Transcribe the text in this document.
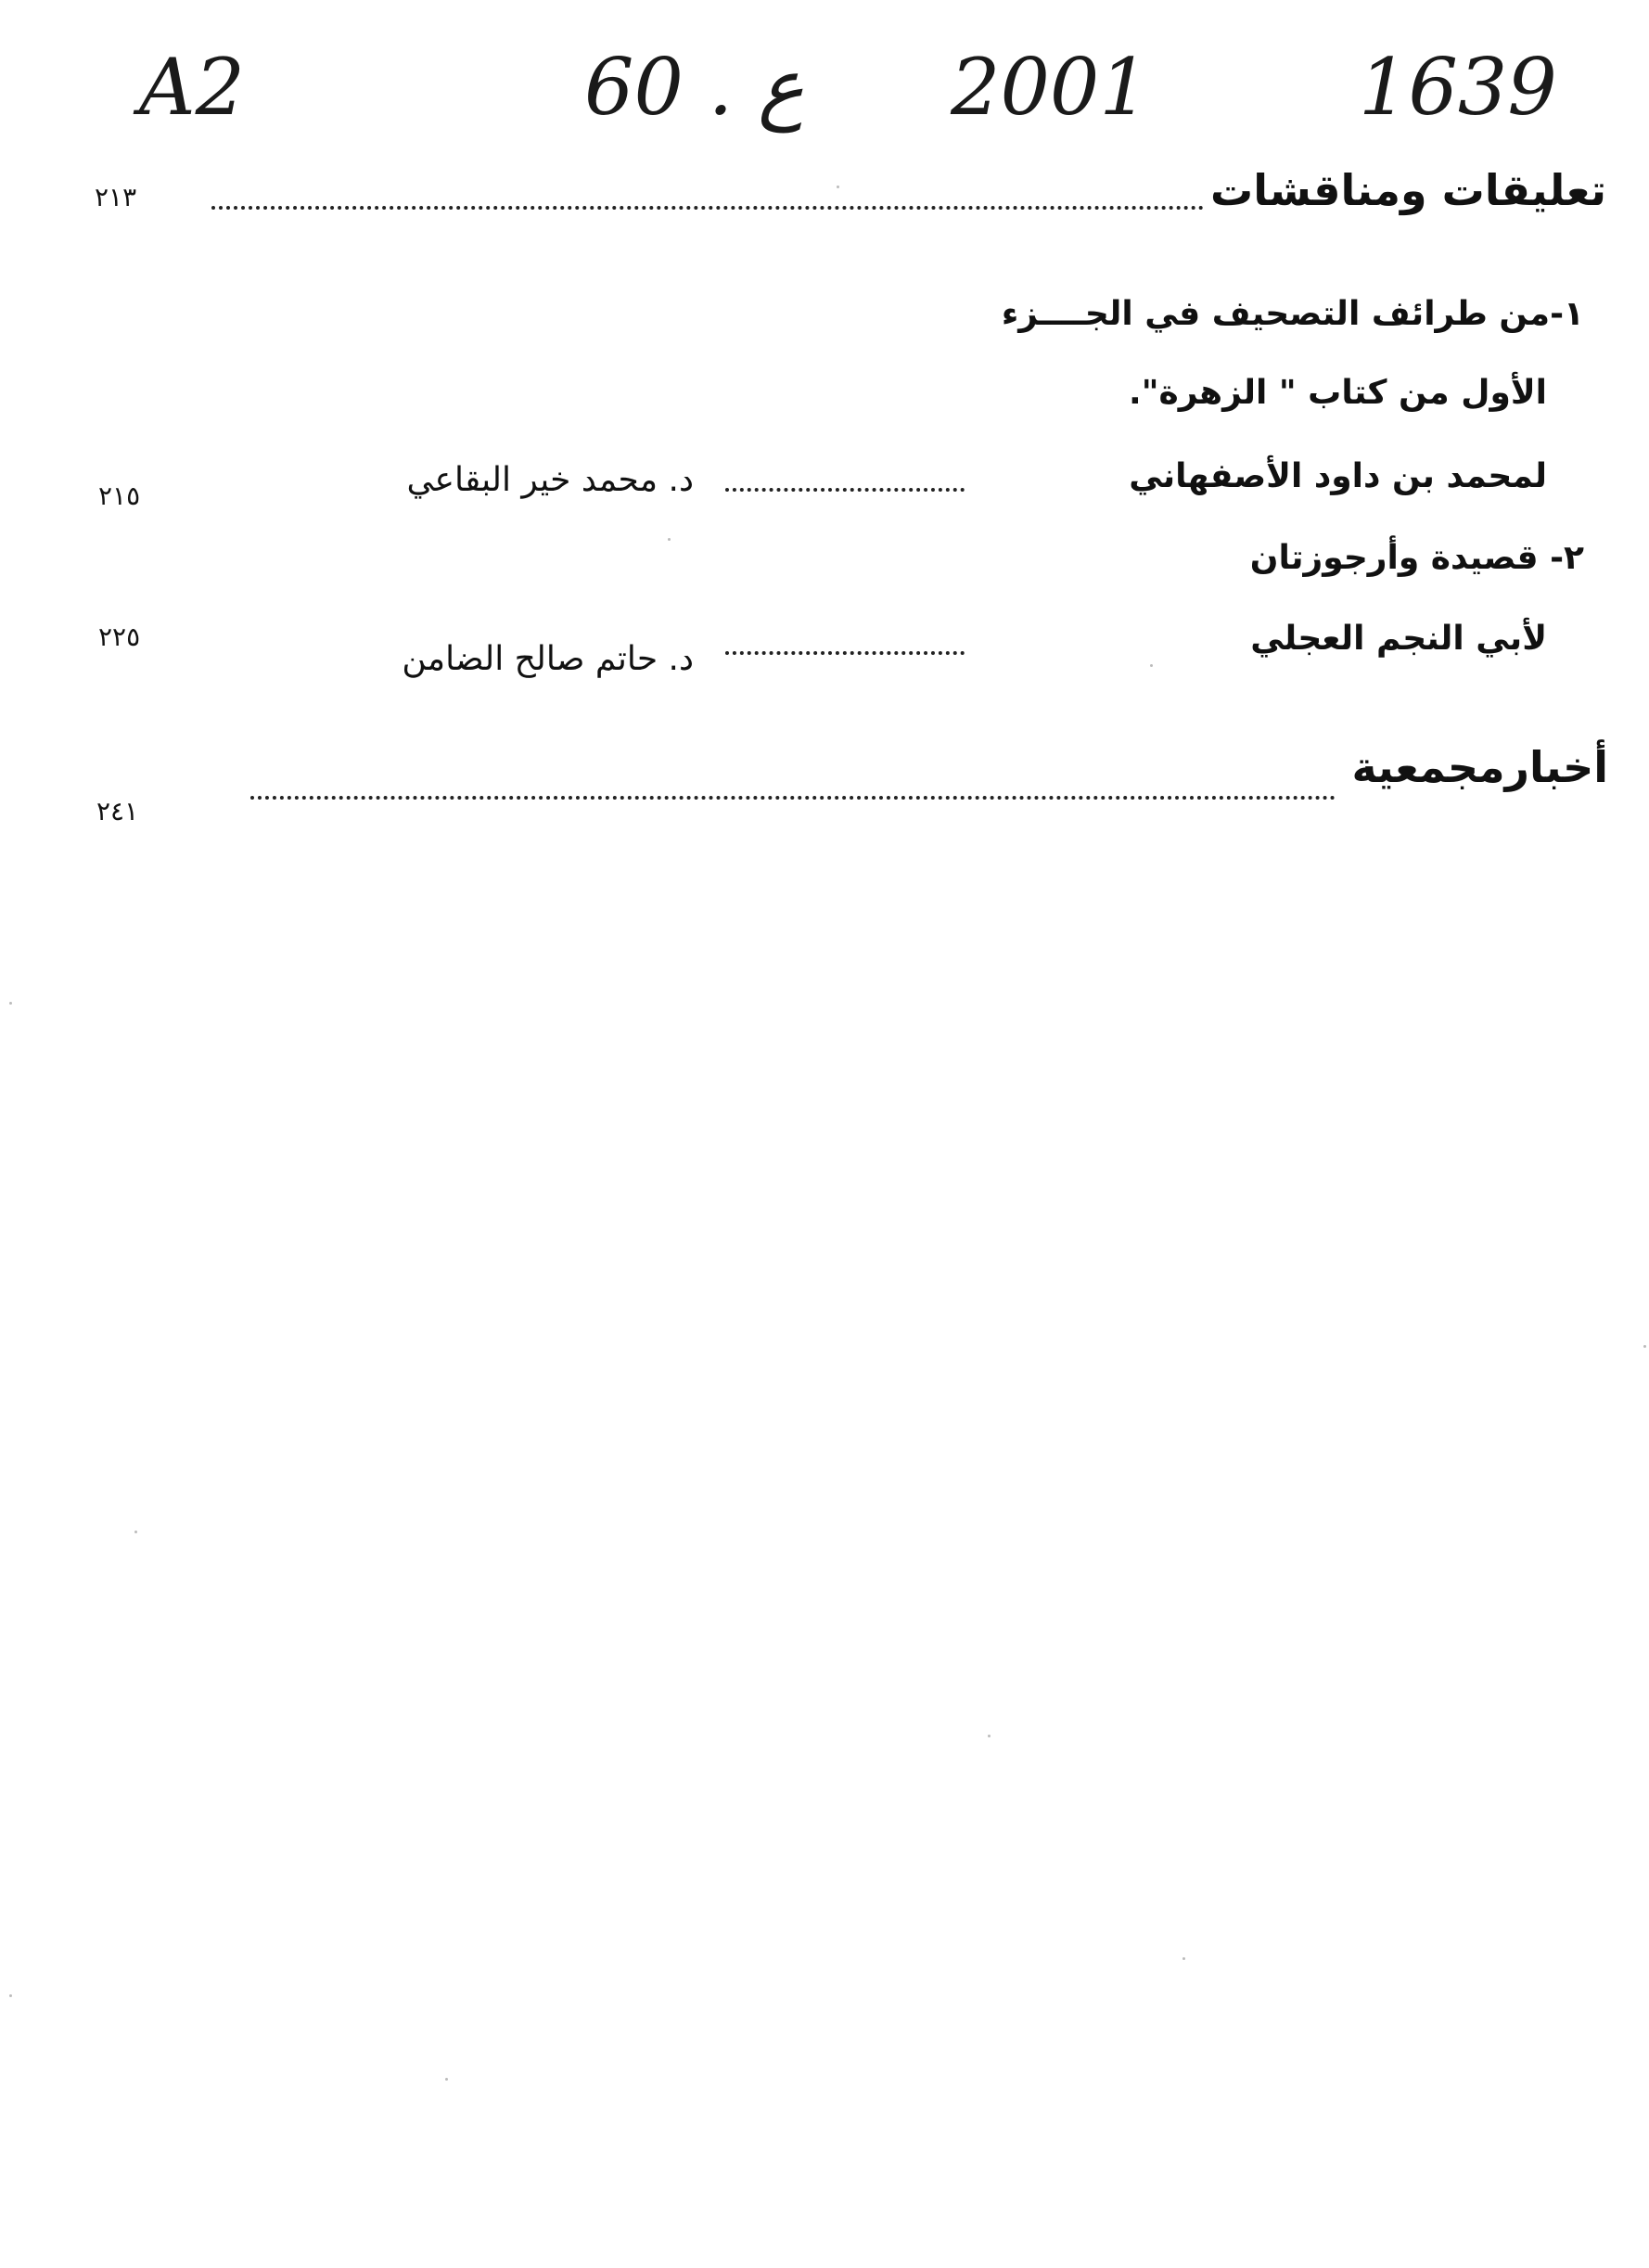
A2	60 . ع 2001	1639
تعليقات ومناقشات
٢١٣
١-من طرائف التصحيف في الجــــزء
الأول من كتاب " الزهرة".
لمحمد بن داود الأصفهاني
د. محمد خير البقاعي
٢١٥
٢- قصيدة وأرجوزتان
لأبي النجم العجلي
د. حاتم صالح الضامن
٢٢٥
أخبارمجمعية
٢٤١
